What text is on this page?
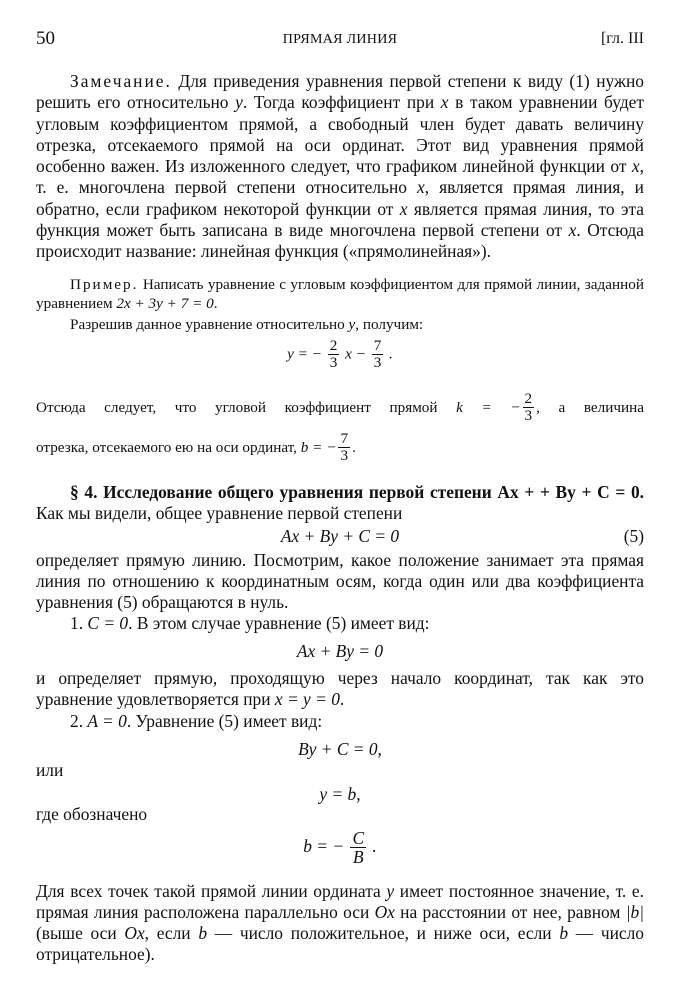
50	ПРЯМАЯ ЛИНИЯ	[гл. III

Замечание. Для приведения уравнения первой степени к виду (1) нужно решить его относительно y. Тогда коэффициент при x в таком уравнении будет угловым коэффициентом прямой, а свободный член будет давать величину отрезка, отсекаемого прямой на оси ординат. Этот вид уравнения прямой особенно важен. Из изложенного следует, что графиком линейной функции от x, т. е. многочлена первой степени относительно x, является прямая линия, и обратно, если графиком некоторой функции от x является прямая линия, то эта функция может быть записана в виде многочлена первой степени от x. Отсюда происходит название: линейная функция («прямолинейная»).

Пример. Написать уравнение с угловым коэффициентом для прямой линии, заданной уравнением 2x + 3y + 7 = 0.

Разрешив данное уравнение относительно y, получим:

y = − $\frac{2}{3}$ $x - \frac{7}{3}$ .

Отсюда следует, что угловой коэффициент прямой k = − $\frac{2}{3}$ , а величина

отрезка, отсекаемого ею на оси ординат, b = − $\frac{7}{3}$ .

§ 4. Исследование общего уравнения первой степени Ax + + By + C = 0. Как мы видели, общее уравнение первой степени

Ax + By + C = 0	(5)

определяет прямую линию. Посмотрим, какое положение занимает эта прямая линия по отношению к координатным осям, когда один или два коэффициента уравнения (5) обращаются в нуль.

1. C = 0. В этом случае уравнение (5) имеет вид:

Ax + By = 0

и определяет прямую, проходящую через начало координат, так как это уравнение удовлетворяется при x = y = 0.

2. A = 0. Уравнение (5) имеет вид:

By + C = 0,
или
y = b,
где обозначено
b = − $\frac{C}{B}$ .

Для всех точек такой прямой линии ордината y имеет постоянное значение, т. е. прямая линия расположена параллельно оси Ox на расстоянии от нее, равном |b| (выше оси Ox, если b — число положительное, и ниже оси, если b — число отрицательное).
